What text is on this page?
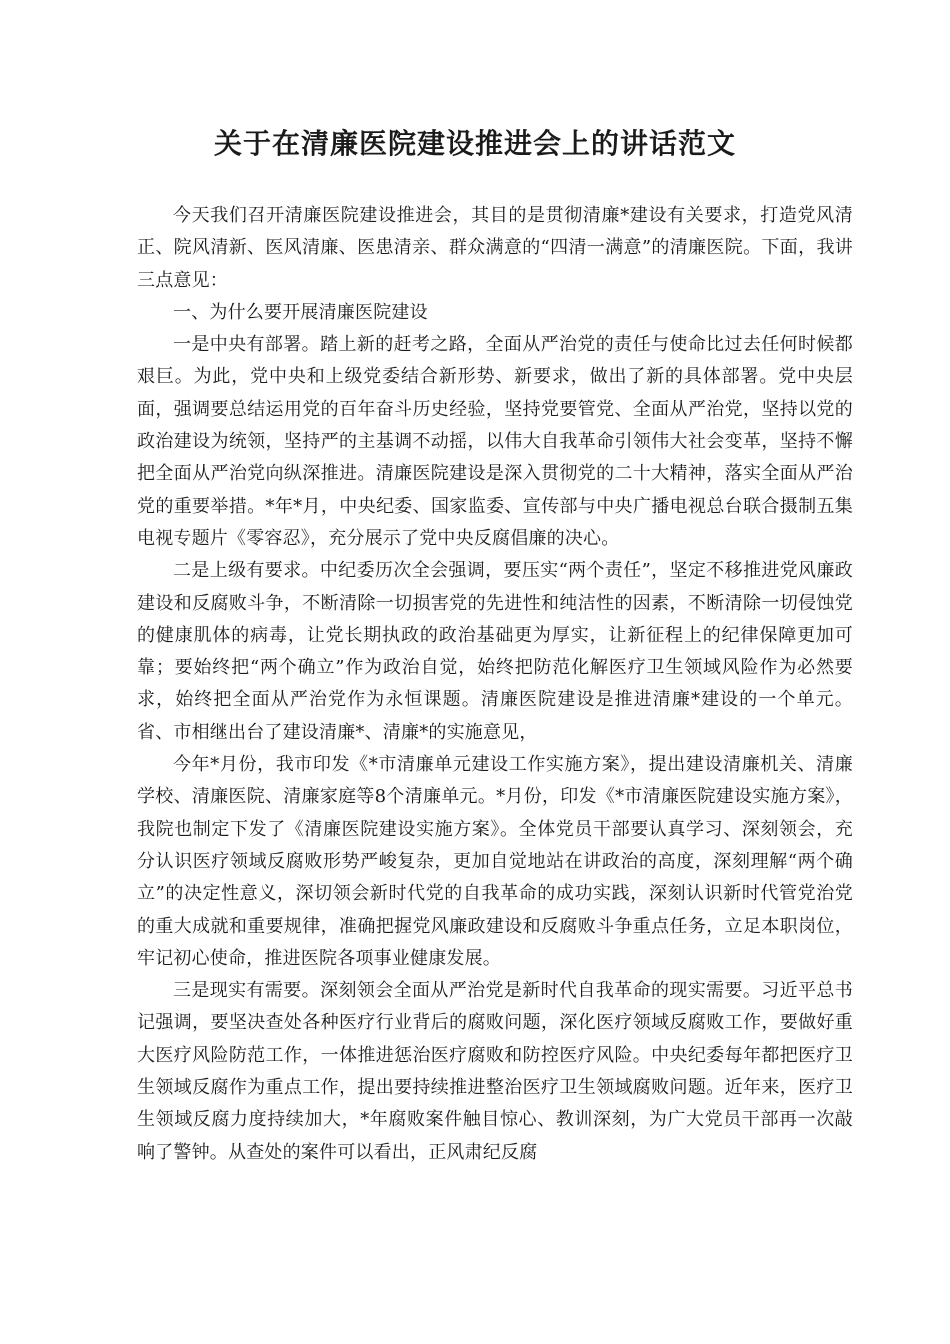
关于在清廉医院建设推进会上的讲话范文

今天我们召开清廉医院建设推进会，其目的是贯彻清廉*建设有关要求，打造党风清正、院风清新、医风清廉、医患清亲、群众满意的“四清一满意”的清廉医院。下面，我讲三点意见：

一、为什么要开展清廉医院建设

一是中央有部署。踏上新的赶考之路，全面从严治党的责任与使命比过去任何时候都艰巨。为此，党中央和上级党委结合新形势、新要求，做出了新的具体部署。党中央层面，强调要总结运用党的百年奋斗历史经验，坚持党要管党、全面从严治党，坚持以党的政治建设为统领，坚持严的主基调不动摇，以伟大自我革命引领伟大社会变革，坚持不懈把全面从严治党向纵深推进。清廉医院建设是深入贯彻党的二十大精神，落实全面从严治党的重要举措。*年*月，中央纪委、国家监委、宣传部与中央广播电视总台联合摄制五集电视专题片《零容忍》，充分展示了党中央反腐倡廉的决心。

二是上级有要求。中纪委历次全会强调，要压实“两个责任”，坚定不移推进党风廉政建设和反腐败斗争，不断清除一切损害党的先进性和纯洁性的因素，不断清除一切侵蚀党的健康肌体的病毒，让党长期执政的政治基础更为厚实，让新征程上的纪律保障更加可靠；要始终把“两个确立”作为政治自觉，始终把防范化解医疗卫生领域风险作为必然要求，始终把全面从严治党作为永恒课题。清廉医院建设是推进清廉*建设的一个单元。省、市相继出台了建设清廉*、清廉*的实施意见，

今年*月份，我市印发《*市清廉单元建设工作实施方案》，提出建设清廉机关、清廉学校、清廉医院、清廉家庭等8个清廉单元。*月份，印发《*市清廉医院建设实施方案》，我院也制定下发了《清廉医院建设实施方案》。全体党员干部要认真学习、深刻领会，充分认识医疗领域反腐败形势严峻复杂，更加自觉地站在讲政治的高度，深刻理解“两个确立”的决定性意义，深切领会新时代党的自我革命的成功实践，深刻认识新时代管党治党的重大成就和重要规律，准确把握党风廉政建设和反腐败斗争重点任务，立足本职岗位，牢记初心使命，推进医院各项事业健康发展。

三是现实有需要。深刻领会全面从严治党是新时代自我革命的现实需要。习近平总书记强调，要坚决查处各种医疗行业背后的腐败问题，深化医疗领域反腐败工作，要做好重大医疗风险防范工作，一体推进惩治医疗腐败和防控医疗风险。中央纪委每年都把医疗卫生领域反腐作为重点工作，提出要持续推进整治医疗卫生领域腐败问题。近年来，医疗卫生领域反腐力度持续加大，*年腐败案件触目惊心、教训深刻，为广大党员干部再一次敲响了警钟。从查处的案件可以看出，正风肃纪反腐
